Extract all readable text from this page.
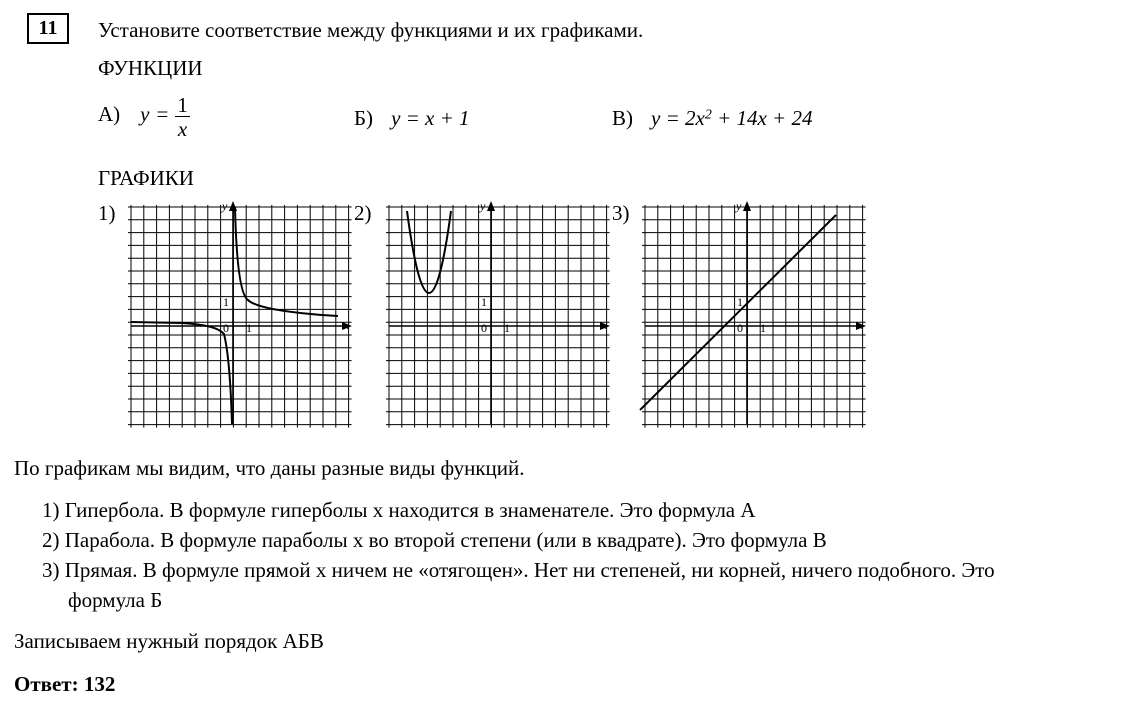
11	Установите соответствие между функциями и их графиками.
ФУНКЦИИ
А) $y = \frac{1}{x}$	Б) y = x + 1	В) $y = 2x^2 + 14x + 24$
ГРАФИКИ
1)	2)	3)
y
x
0
1
1
y
x
0
1
1
y
x
0
1
1
По графикам мы видим, что даны разные виды функций.
1) Гипербола. В формуле гиперболы x находится в знаменателе. Это формула А
2) Парабола. В формуле параболы x во второй степени (или в квадрате). Это формула В
3) Прямая. В формуле прямой x ничем не «отягощен». Нет ни степеней, ни корней, ничего подобного. Это
формула Б
Записываем нужный порядок АБВ
Ответ: 132
